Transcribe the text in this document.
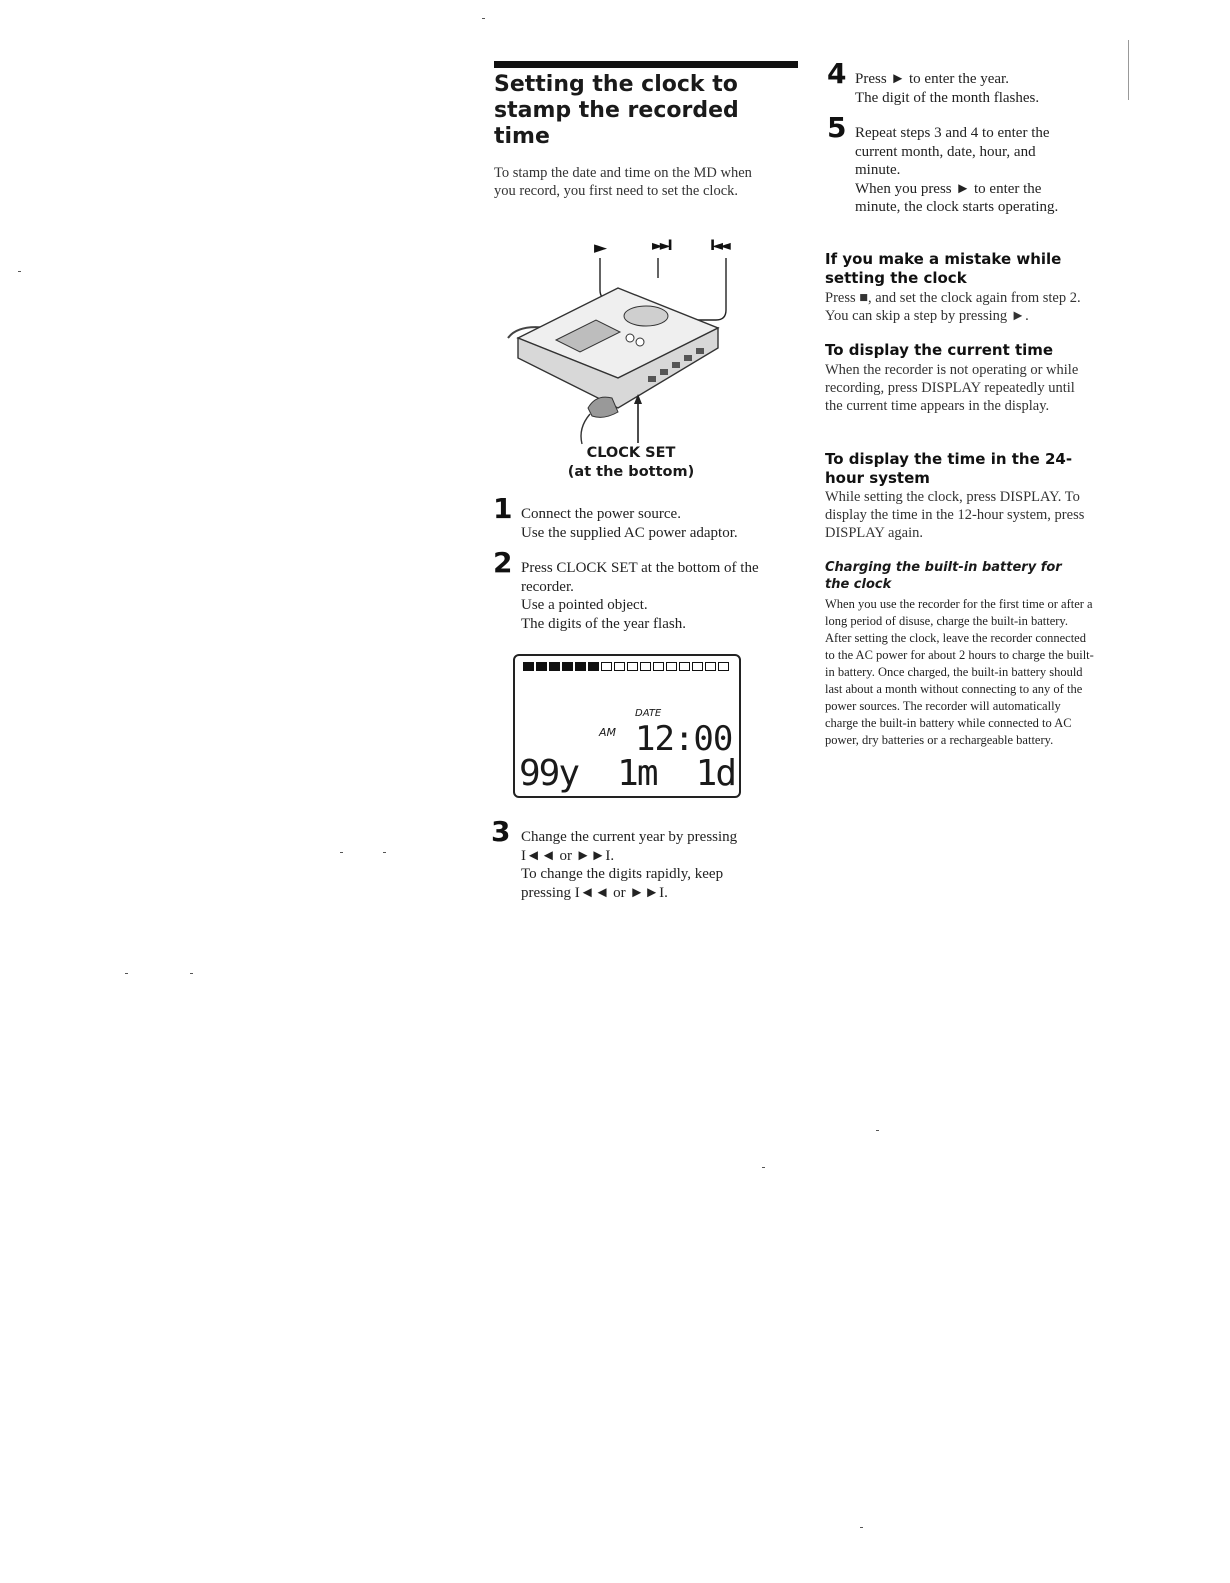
Setting the clock to stamp the recorded time
To stamp the date and time on the MD when you record, you first need to set the clock.
►	►►I	I◄◄
CLOCK SET
(at the bottom)
1 Connect the power source.

Use the supplied AC power adaptor.

2 Press CLOCK SET at the bottom of the recorder.

Use a pointed object.

The digits of the year flash.

DATE
AM 12:00
99y 1m 1d
3 Change the current year by pressing I◄◄ or ►►I.

To change the digits rapidly, keep pressing I◄◄ or ►►I.

4 Press ► to enter the year.

The digit of the month flashes.

5 Repeat steps 3 and 4 to enter the current month, date, hour, and minute.

When you press ► to enter the minute, the clock starts operating.

If you make a mistake while setting the clock

Press ■, and set the clock again from step 2. You can skip a step by pressing ►.

To display the current time

When the recorder is not operating or while recording, press DISPLAY repeatedly until the current time appears in the display.

To display the time in the 24-hour system

While setting the clock, press DISPLAY. To display the time in the 12-hour system, press DISPLAY again.

Charging the built-in battery for the clock

When you use the recorder for the first time or after a long period of disuse, charge the built-in battery. After setting the clock, leave the recorder connected to the AC power for about 2 hours to charge the built-in battery. Once charged, the built-in battery should last about a month without connecting to any of the power sources. The recorder will automatically charge the built-in battery while connected to AC power, dry batteries or a rechargeable battery.
